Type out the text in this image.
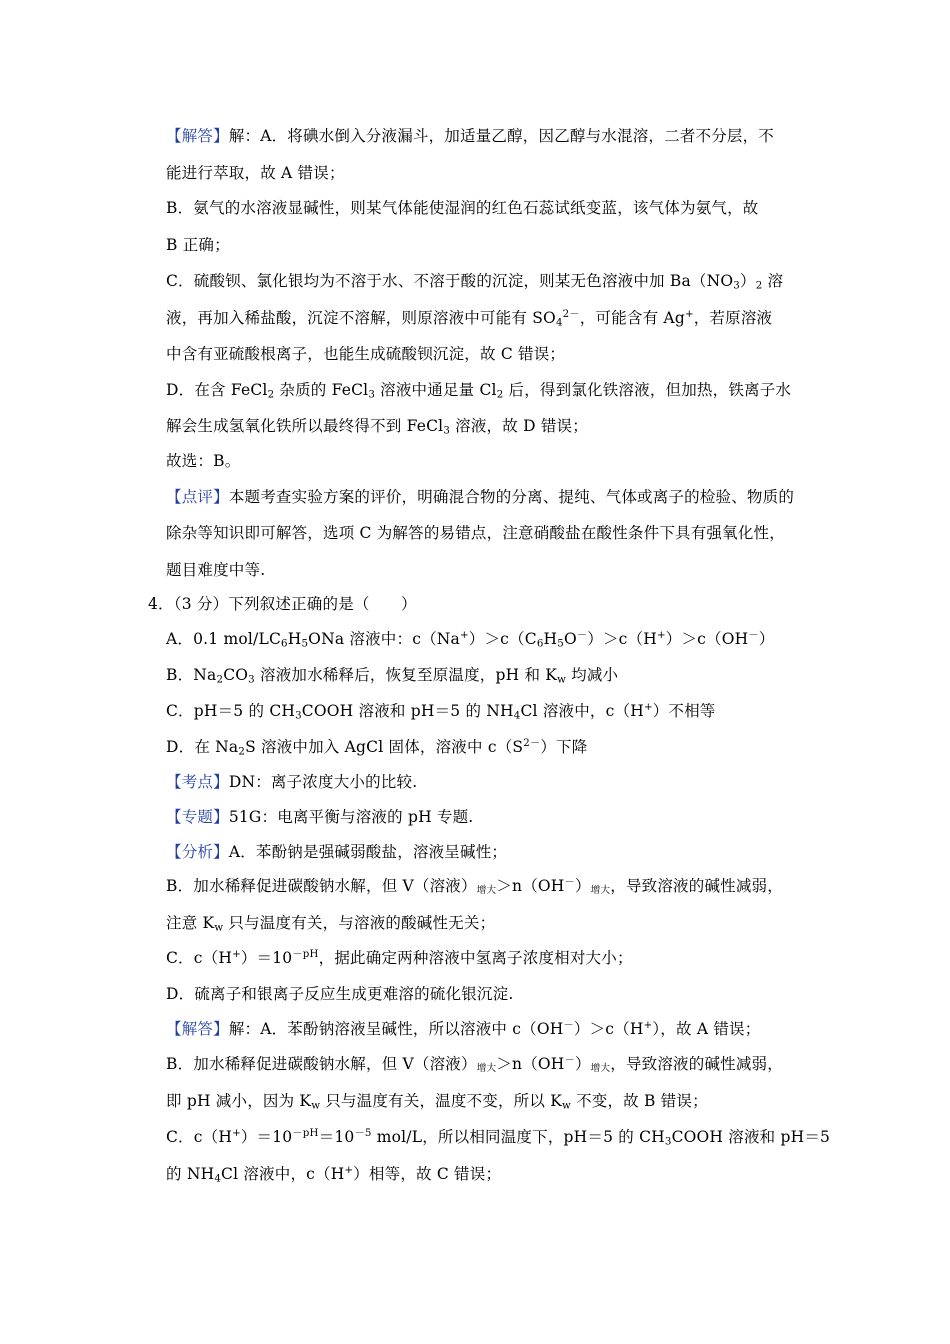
【解答】解：A．将碘水倒入分液漏斗，加适量乙醇，因乙醇与水混溶，二者不分层，不
能进行萃取，故 A 错误；
B．氨气的水溶液显碱性，则某气体能使湿润的红色石蕊试纸变蓝，该气体为氨气，故
B 正确；
C．硫酸钡、氯化银均为不溶于水、不溶于酸的沉淀，则某无色溶液中加 $Ba(NO_3)_2$ 溶
液，再加入稀盐酸，沉淀不溶解，则原溶液中可能有 $SO_4^{2-}$，可能含有 Ag+，若原溶液
中含有亚硫酸根离子，也能生成硫酸钡沉淀，故 C 错误；
D．在含 FeCl$_2$ 杂质的 FeCl$_3$ 溶液中通足量 $Cl_2$ 后，得到氯化铁溶液，但加热，铁离子水
解会生成氢氧化铁所以最终得不到 FeCl$_3$ 溶液，故 D 错误；
故选：B。
【点评】本题考查实验方案的评价，明确混合物的分离、提纯、气体或离子的检验、物质的
除杂等知识即可解答，选项 C 为解答的易错点，注意硝酸盐在酸性条件下具有强氧化性，
题目难度中等.
4．（3 分）下列叙述正确的是（　　）
A．0.1 mol/$LC_6H_5ONa$ 溶液中：$c(Na^+)>c(C_6H_5O^-)>c(H^+)>c(OH^-)$
B．$Na_2CO_3$ 溶液加水稀释后，恢复至原温度，pH 和 $K_w$ 均减小
C．pH＝5 的 $CH_3COOH$ 溶液和 pH＝5 的 $NH_4Cl$ 溶液中，c（H+）不相等
D．在 $Na_2S$ 溶液中加入 AgCl 固体，溶液中 $c(S^{2-})$下降
【考点】DN：离子浓度大小的比较.
【专题】51G：电离平衡与溶液的 pH 专题.
【分析】A．苯酚钠是强碱弱酸盐，溶液呈碱性；
B．加水稀释促进碳酸钠水解，但 V（溶液）增大＞n（OH－）增大，导致溶液的碱性减弱，
注意 $K_w$ 只与温度有关，与溶液的酸碱性无关；
C．$c(H^+)=10^{-pH}$，据此确定两种溶液中氢离子浓度相对大小；
D．硫离子和银离子反应生成更难溶的硫化银沉淀.
【解答】解：A．苯酚钠溶液呈碱性，所以溶液中 c（OH－）＞c（H+），故 A 错误；
B．加水稀释促进碳酸钠水解，但 V（溶液）增大＞n（OH－）增大，导致溶液的碱性减弱，
即 pH 减小，因为 $K_w$ 只与温度有关，温度不变，所以 $K_w$ 不变，故 B 错误；
C．$c(H^+)=10^{-pH}=10^{-5}$ mol/L，所以相同温度下，pH＝5 的 $CH_3COOH$ 溶液和 pH＝5
的 $NH_4Cl$ 溶液中，c（H+）相等，故 C 错误；
